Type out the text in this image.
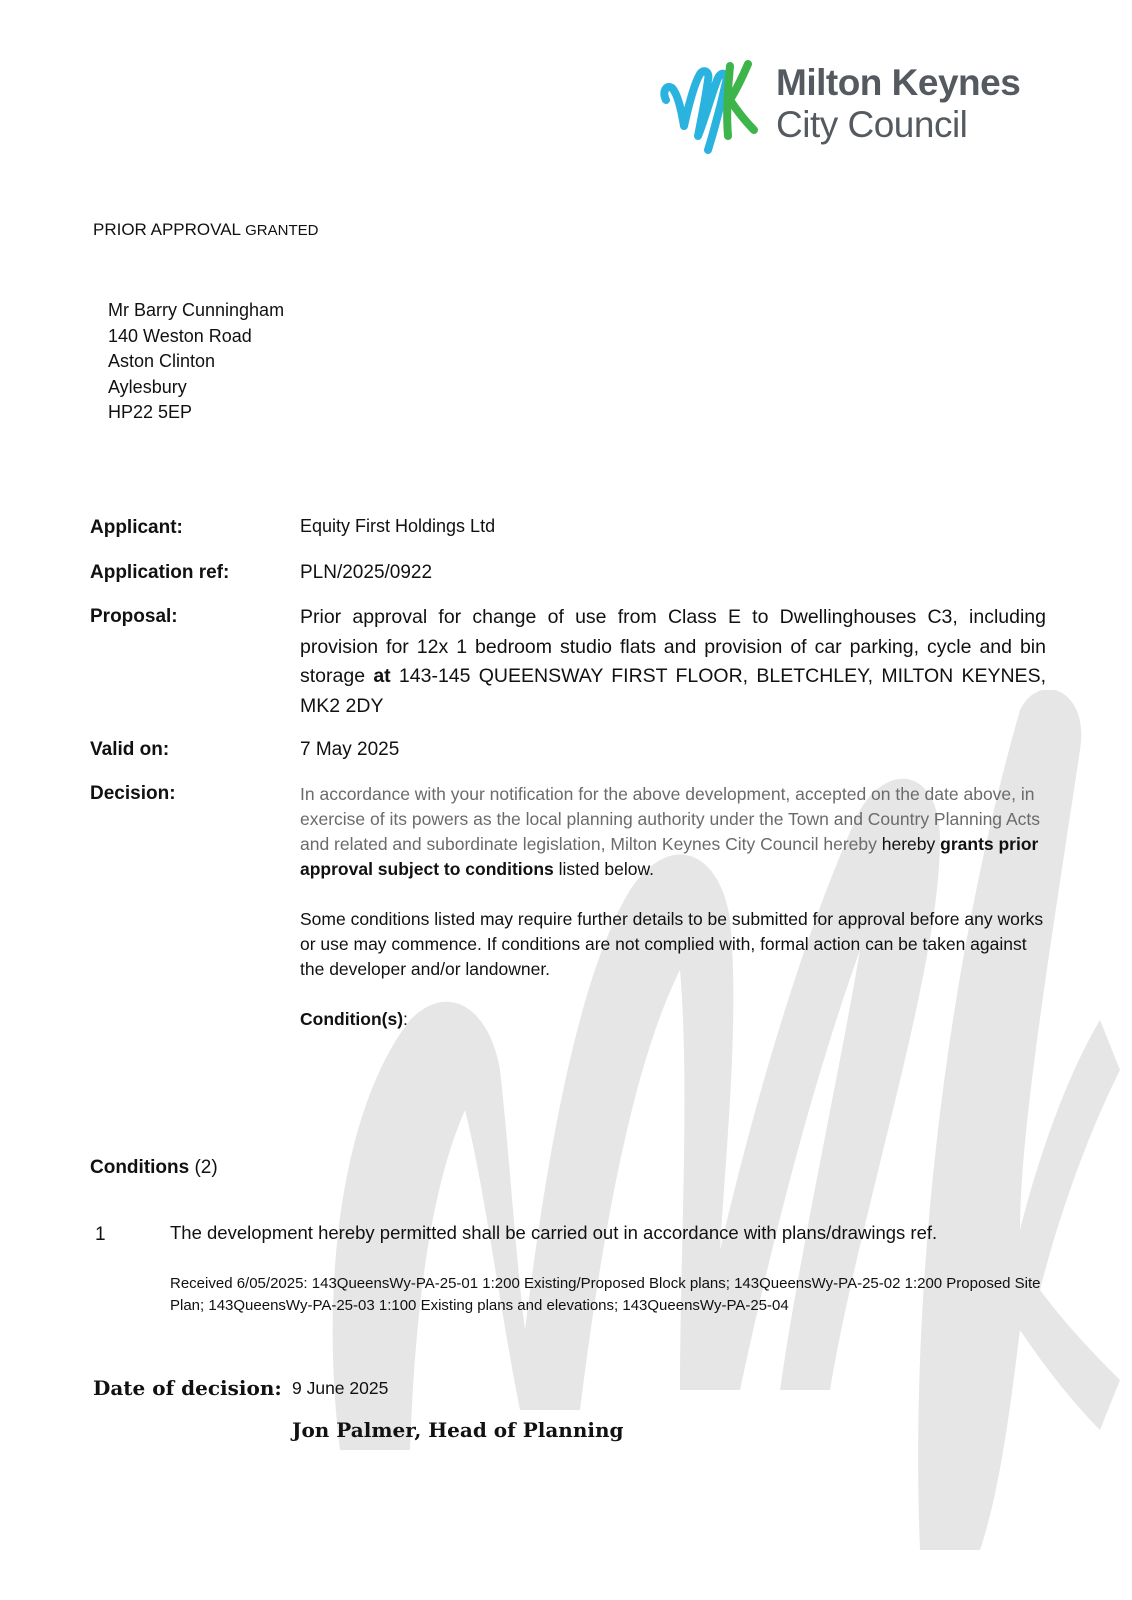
Milton Keynes
City Council
PRIOR APPROVAL GRANTED
Mr Barry Cunningham
140 Weston Road
Aston Clinton
Aylesbury
HP22 5EP
Applicant:	Equity First Holdings Ltd
Application ref:	PLN/2025/0922
Proposal:	Prior approval for change of use from Class E to Dwellinghouses C3, including provision for 12x 1 bedroom studio flats and provision of car parking, cycle and bin storage at 143-145 QUEENSWAY FIRST FLOOR, BLETCHLEY, MILTON KEYNES, MK2 2DY
Valid on:	7 May 2025
Decision:	In accordance with your notification for the above development, accepted on the date above, in exercise of its powers as the local planning authority under the Town and Country Planning Acts and related and subordinate legislation, Milton Keynes City Council hereby hereby grants prior approval subject to conditions listed below.
Some conditions listed may require further details to be submitted for approval before any works or use may commence. If conditions are not complied with, formal action can be taken against the developer and/or landowner.
Condition(s):
Conditions (2)
1	The development hereby permitted shall be carried out in accordance with plans/drawings ref.
Received 6/05/2025: 143QueensWy-PA-25-01 1:200 Existing/Proposed Block plans; 143QueensWy-PA-25-02 1:200 Proposed Site Plan; 143QueensWy-PA-25-03 1:100 Existing plans and elevations; 143QueensWy-PA-25-04
Date of decision: 9 June 2025
Jon Palmer, Head of Planning
